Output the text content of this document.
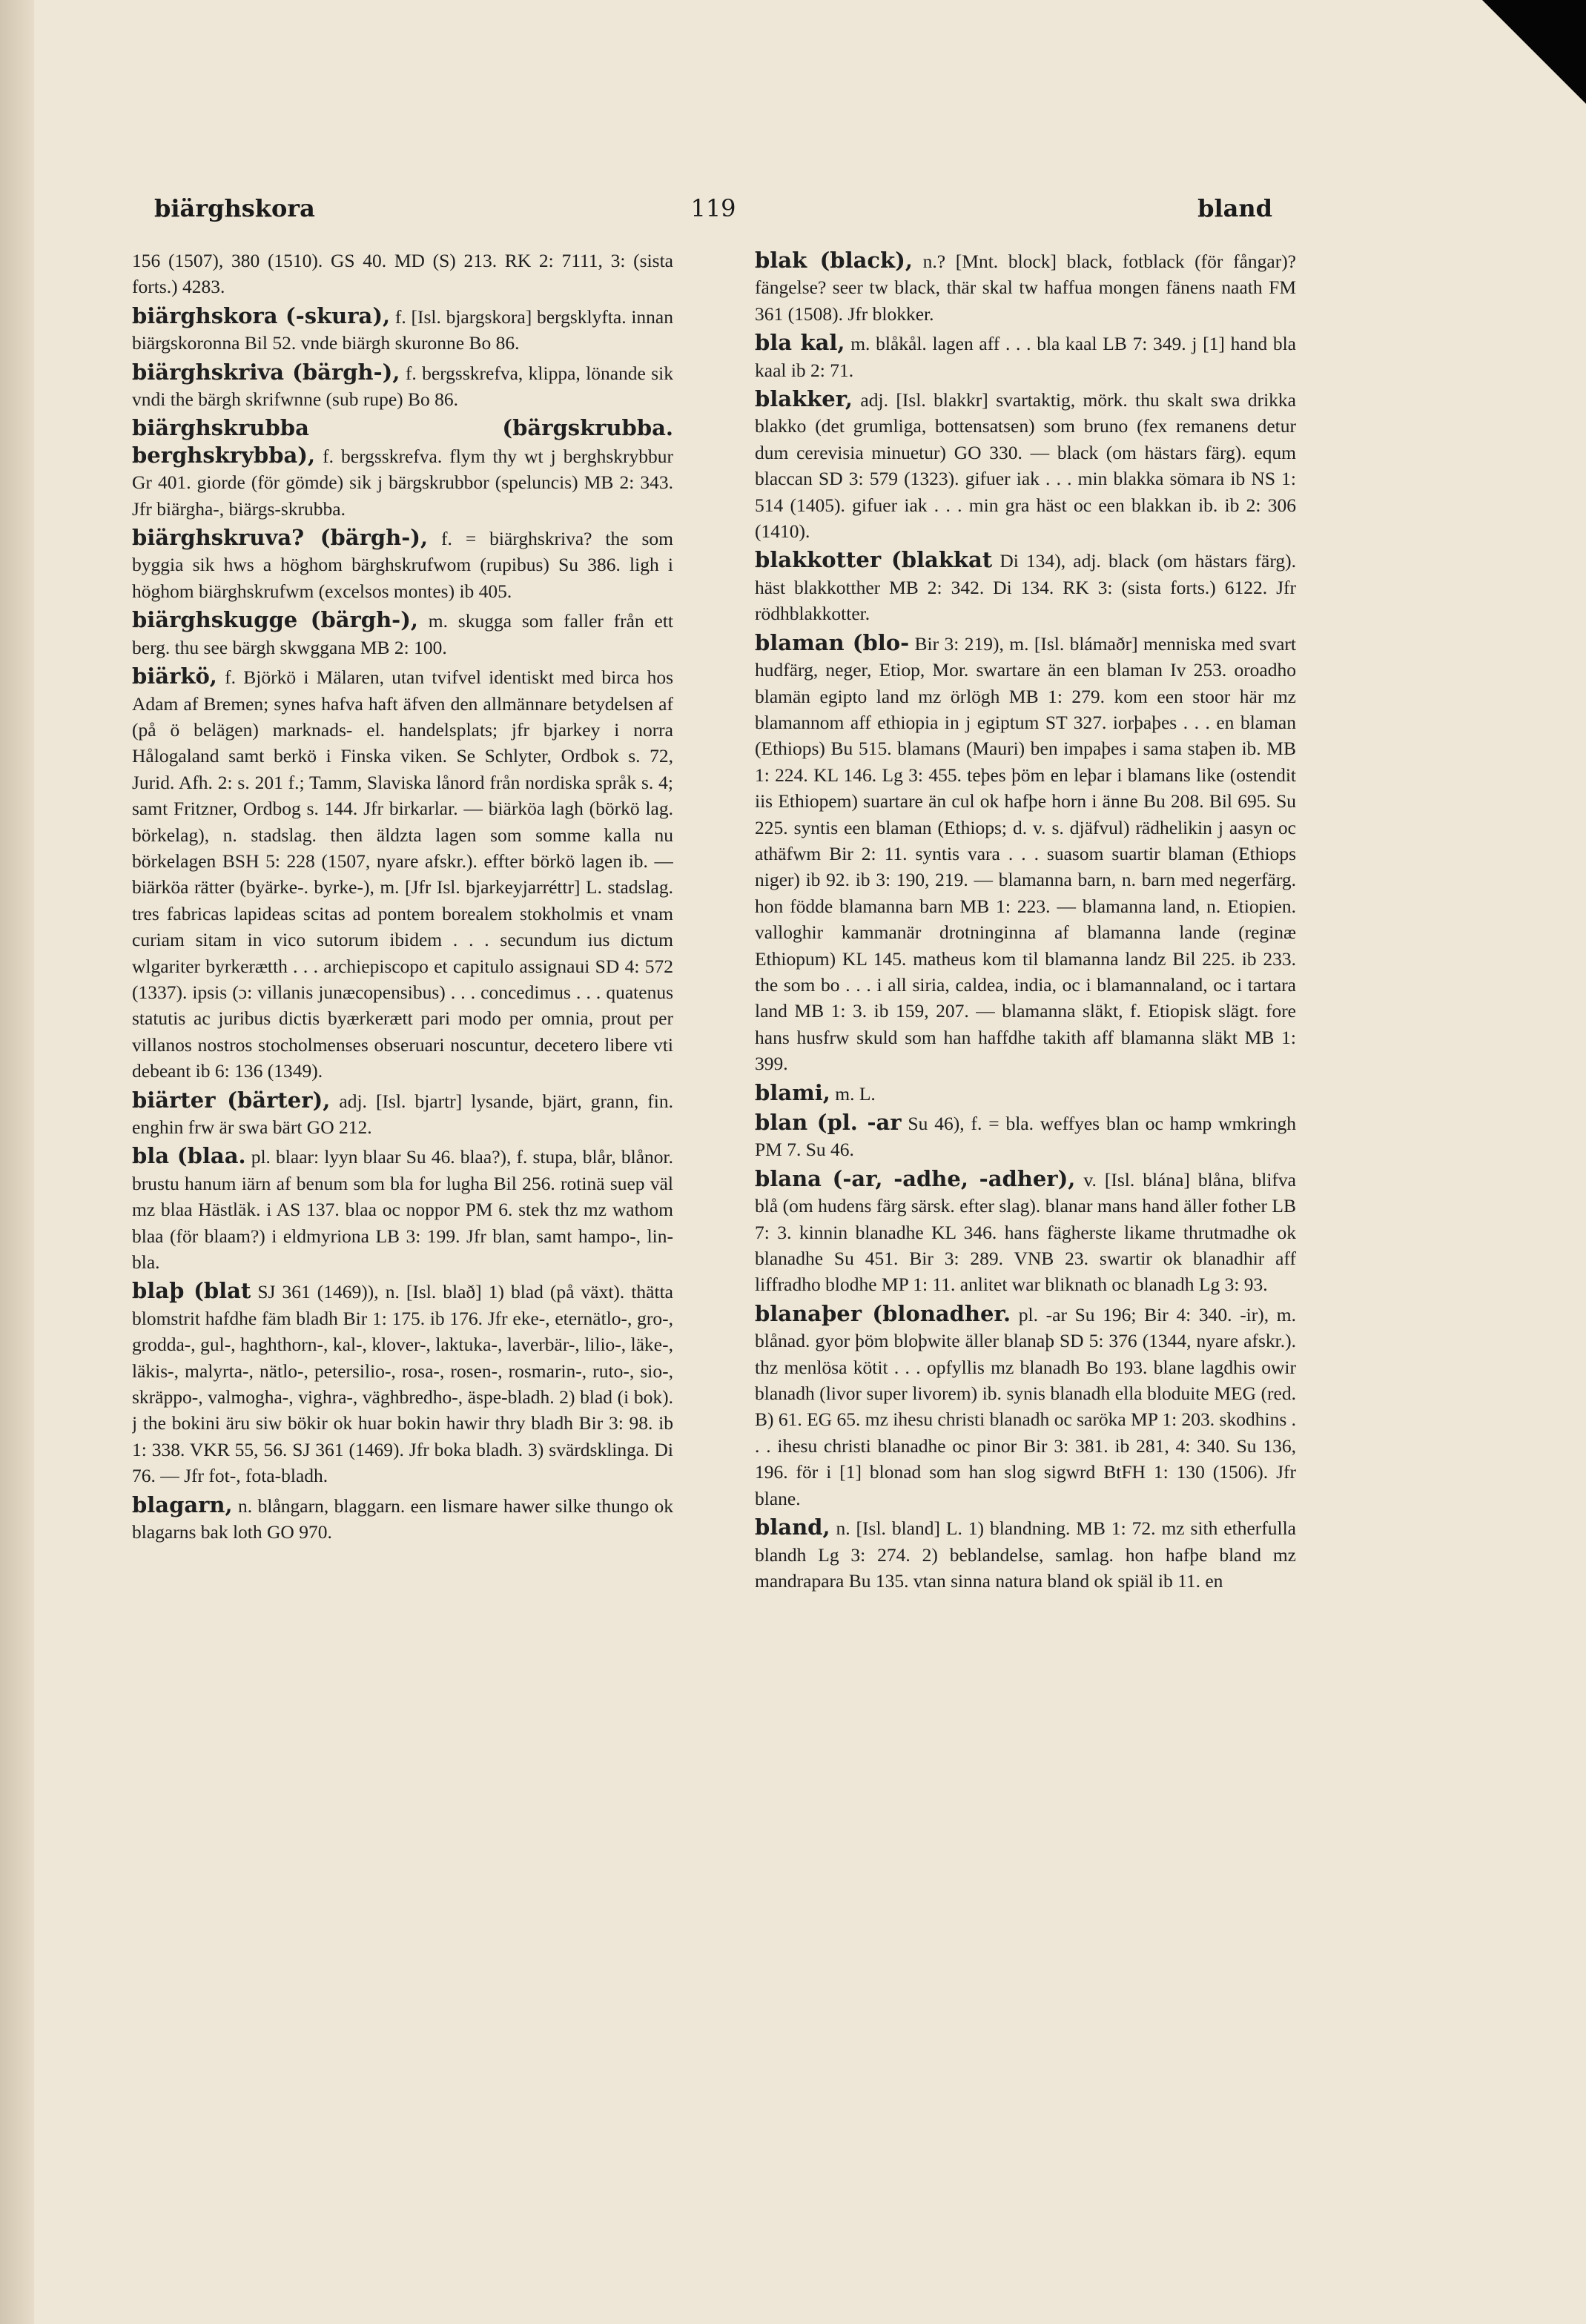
biärghskora	119	bland

156 (1507), 380 (1510). GS 40. MD (S) 213. RK 2: 7111, 3: (sista forts.) 4283.

biärghskora (-skura), f. [Isl. bjargskora] bergsklyfta. innan biärgskoronna Bil 52. vnde biärgh skuronne Bo 86.

biärghskriva (bärgh-), f. bergsskrefva, klippa, lönande sik vndi the bärgh skrifwnne (sub rupe) Bo 86.

biärghskrubba (bärgskrubba. berghskrybba), f. bergsskrefva. flym thy wt j berghskrybbur Gr 401. giorde (för gömde) sik j bärgskrubbor (speluncis) MB 2: 343. Jfr biärgha-, biärgs-skrubba.

biärghskruva? (bärgh-), f. = biärghskriva? the som byggia sik hws a höghom bärghskrufwom (rupibus) Su 386. ligh i höghom biärghskrufwm (excelsos montes) ib 405.

biärghskugge (bärgh-), m. skugga som faller från ett berg. thu see bärgh skwggana MB 2: 100.

biärkö, f. Björkö i Mälaren, utan tvifvel identiskt med birca hos Adam af Bremen; synes hafva haft äfven den allmännare betydelsen af (på ö belägen) marknads- el. handelsplats; jfr bjarkey i norra Hålogaland samt berkö i Finska viken. Se Schlyter, Ordbok s. 72, Jurid. Afh. 2: s. 201 f.; Tamm, Slaviska lånord från nordiska språk s. 4; samt Fritzner, Ordbog s. 144. Jfr birkarlar. — biärköa lagh (börkö lag. börkelag), n. stadslag. then äldzta lagen som somme kalla nu börkelagen BSH 5: 228 (1507, nyare afskr.). effter börkö lagen ib. — biärköa rätter (byärke-. byrke-), m. [Jfr Isl. bjarkeyjarréttr] L. stadslag. tres fabricas lapideas scitas ad pontem borealem stokholmis et vnam curiam sitam in vico sutorum ibidem . . . secundum ius dictum wlgariter byrkerætth . . . archiepiscopo et capitulo assignaui SD 4: 572 (1337). ipsis (ɔ: villanis junæcopensibus) . . . concedimus . . . quatenus statutis ac juribus dictis byærkerætt pari modo per omnia, prout per villanos nostros stocholmenses obseruari noscuntur, decetero libere vti debeant ib 6: 136 (1349).

biärter (bärter), adj. [Isl. bjartr] lysande, bjärt, grann, fin. enghin frw är swa bärt GO 212.

bla (blaa. pl. blaar: lyyn blaar Su 46. blaa?), f. stupa, blår, blånor. brustu hanum iärn af benum som bla for lugha Bil 256. rotinä suep väl mz blaa Hästläk. i AS 137. blaa oc noppor PM 6. stek thz mz wathom blaa (för blaam?) i eldmyriona LB 3: 199. Jfr blan, samt hampo-, lin-bla.

blaþ (blat SJ 361 (1469)), n. [Isl. blað] 1) blad (på växt). thätta blomstrit hafdhe fäm bladh Bir 1: 175. ib 176. Jfr eke-, eternätlo-, gro-, grodda-, gul-, haghthorn-, kal-, klover-, laktuka-, laverbär-, lilio-, läke-, läkis-, malyrta-, nätlo-, petersilio-, rosa-, rosen-, rosmarin-, ruto-, sio-, skräppo-, valmogha-, vighra-, väghbredho-, äspe-bladh. 2) blad (i bok). j the bokini äru siw bökir ok huar bokin hawir thry bladh Bir 3: 98. ib 1: 338. VKR 55, 56. SJ 361 (1469). Jfr boka bladh. 3) svärdsklinga. Di 76. — Jfr fot-, fota-bladh.

blagarn, n. blångarn, blaggarn. een lismare hawer silke thungo ok blagarns bak loth GO 970.

blak (black), n.? [Mnt. block] black, fotblack (för fångar)? fängelse? seer tw black, thär skal tw haffua mongen fänens naath FM 361 (1508). Jfr blokker.

bla kal, m. blåkål. lagen aff . . . bla kaal LB 7: 349. j [1] hand bla kaal ib 2: 71.

blakker, adj. [Isl. blakkr] svartaktig, mörk. thu skalt swa drikka blakko (det grumliga, bottensatsen) som bruno (fex remanens detur dum cerevisia minuetur) GO 330. — black (om hästars färg). equm blaccan SD 3: 579 (1323). gifuer iak . . . min blakka sömara ib NS 1: 514 (1405). gifuer iak . . . min gra häst oc een blakkan ib. ib 2: 306 (1410).

blakkotter (blakkat Di 134), adj. black (om hästars färg). häst blakkotther MB 2: 342. Di 134. RK 3: (sista forts.) 6122. Jfr rödhblakkotter.

blaman (blo- Bir 3: 219), m. [Isl. blámaðr] menniska med svart hudfärg, neger, Etiop, Mor. swartare än een blaman Iv 253. oroadho blamän egipto land mz örlögh MB 1: 279. kom een stoor här mz blamannom aff ethiopia in j egiptum ST 327. iorþaþes . . . en blaman (Ethiops) Bu 515. blamans (Mauri) ben impaþes i sama staþen ib. MB 1: 224. KL 146. Lg 3: 455. teþes þöm en leþar i blamans like (ostendit iis Ethiopem) suartare än cul ok hafþe horn i änne Bu 208. Bil 695. Su 225. syntis een blaman (Ethiops; d. v. s. djäfvul) rädhelikin j aasyn oc athäfwm Bir 2: 11. syntis vara . . . suasom suartir blaman (Ethiops niger) ib 92. ib 3: 190, 219. — blamanna barn, n. barn med negerfärg. hon födde blamanna barn MB 1: 223. — blamanna land, n. Etiopien. valloghir kammanär drotninginna af blamanna lande (reginæ Ethiopum) KL 145. matheus kom til blamanna landz Bil 225. ib 233. the som bo . . . i all siria, caldea, india, oc i blamannaland, oc i tartara land MB 1: 3. ib 159, 207. — blamanna släkt, f. Etiopisk slägt. fore hans husfrw skuld som han haffdhe takith aff blamanna släkt MB 1: 399.

blami, m. L.

blan (pl. -ar Su 46), f. = bla. weffyes blan oc hamp wmkringh PM 7. Su 46.

blana (-ar, -adhe, -adher), v. [Isl. blána] blåna, blifva blå (om hudens färg särsk. efter slag). blanar mans hand äller fother LB 7: 3. kinnin blanadhe KL 346. hans fägherste likame thrutmadhe ok blanadhe Su 451. Bir 3: 289. VNB 23. swartir ok blanadhir aff liffradho blodhe MP 1: 11. anlitet war bliknath oc blanadh Lg 3: 93.

blanaþer (blonadher. pl. -ar Su 196; Bir 4: 340. -ir), m. blånad. gyor þöm bloþwite äller blanaþ SD 5: 376 (1344, nyare afskr.). thz menlösa kötit . . . opfyllis mz blanadh Bo 193. blane lagdhis owir blanadh (livor super livorem) ib. synis blanadh ella bloduite MEG (red. B) 61. EG 65. mz ihesu christi blanadh oc saröka MP 1: 203. skodhins . . . ihesu christi blanadhe oc pinor Bir 3: 381. ib 281, 4: 340. Su 136, 196. för i [1] blonad som han slog sigwrd BtFH 1: 130 (1506). Jfr blane.

bland, n. [Isl. bland] L. 1) blandning. MB 1: 72. mz sith etherfulla blandh Lg 3: 274. 2) beblandelse, samlag. hon hafþe bland mz mandrapara Bu 135. vtan sinna natura bland ok spiäl ib 11. en
